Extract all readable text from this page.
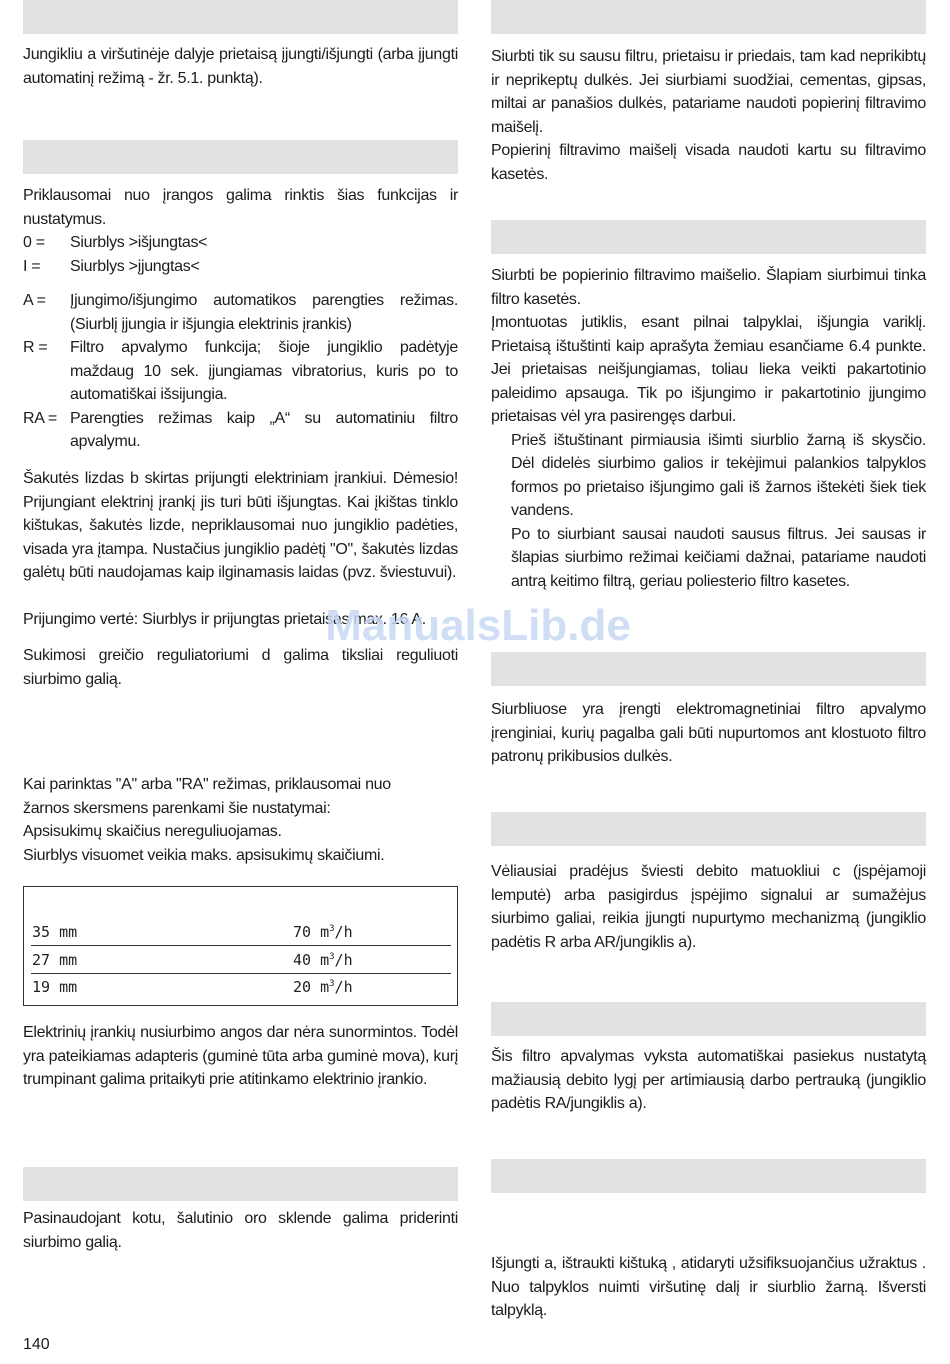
Jungikliu a viršutinėje dalyje prietaisą įjungti/išjungti (arba įjungti automatinį režimą - žr. 5.1. punktą).

Priklausomai nuo įrangos galima rinktis šias funkcijas ir nustatymus.

0 =	Siurblys >išjungtas<
I =	Siurblys >įjungtas<
A =	Įjungimo/išjungimo automatikos parengties režimas. (Siurblį įjungia ir išjungia elektrinis įrankis)
R =	Filtro apvalymo funkcija; šioje jungiklio padėtyje maždaug 10 sek. įjungiamas vibratorius, kuris po to automatiškai išsijungia.
RA = Parengties režimas kaip „A“ su automatiniu filtro apvalymu.

Šakutės lizdas b skirtas prijungti elektriniam įrankiui. Dėmesio! Prijungiant elektrinį įrankį jis turi būti išjungtas. Kai įkištas tinklo kištukas, šakutės lizde, nepriklausomai nuo jungiklio padėties, visada yra įtampa. Nustačius jungiklio padėtį "O", šakutės lizdas galėtų būti naudojamas kaip ilginamasis laidas (pvz. šviestuvui).

Prijungimo vertė: Siurblys ir prijungtas prietaisas max. 16 A.

Sukimosi greičio reguliatoriumi d galima tiksliai reguliuoti siurbimo galią.

Kai parinktas "A" arba "RA" režimas, priklausomai nuo

žarnos skersmens parenkami šie nustatymai:

Apsisukimų skaičius nereguliuojamas.

Siurblys visuomet veikia maks. apsisukimų skaičiumi.

35 mm	70 $m^3/h$
27 mm	40 $m^3/h$
19 mm	20 $m^3/h$

Elektrinių įrankių nusiurbimo angos dar nėra sunormintos. Todėl yra pateikiamas adapteris (guminė tūta arba guminė mova), kurį trumpinant galima pritaikyti prie atitinkamo elektrinio įrankio.

Pasinaudojant kotu, šalutinio oro sklende galima priderinti siurbimo galią.

Siurbti tik su sausu filtru, prietaisu ir priedais, tam kad neprikibtų ir neprikeptų dulkės. Jei siurbiami suodžiai, cementas, gipsas, miltai ar panašios dulkės, patariame naudoti popierinį filtravimo maišelį.

Popierinį filtravimo maišelį visada naudoti kartu su filtravimo kasetės.

Siurbti be popierinio filtravimo maišelio. Šlapiam siurbimui tinka filtro kasetės.

Įmontuotas jutiklis, esant pilnai talpyklai, išjungia variklį. Prietaisą ištuštinti kaip aprašyta žemiau esančiame 6.4 punkte. Jei prietaisas neišjungiamas, toliau lieka veikti pakartotinio paleidimo apsauga. Tik po išjungimo ir pakartotinio įjungimo prietaisas vėl yra pasirengęs darbui.

Prieš ištuštinant pirmiausia išimti siurblio žarną iš skysčio. Dėl didelės siurbimo galios ir tekėjimui palankios talpyklos formos po prietaiso išjungimo gali iš žarnos ištekėti šiek tiek vandens.

Po to siurbiant sausai naudoti sausus filtrus. Jei sausas ir šlapias siurbimo režimai keičiami dažnai, patariame naudoti antrą keitimo filtrą, geriau poliesterio filtro kasetes.

Siurbliuose yra įrengti elektromagnetiniai filtro apvalymo įrenginiai, kurių pagalba gali būti nupurtomos ant klostuoto filtro patronų prikibusios dulkės.

Vėliausiai pradėjus šviesti debito matuokliui c (įspėjamoji lemputė) arba pasigirdus įspėjimo signalui ar sumažėjus siurbimo galiai, reikia įjungti nupurtymo mechanizmą (jungiklio padėtis R arba AR/jungiklis a).

Šis filtro apvalymas vyksta automatiškai pasiekus nustatytą mažiausią debito lygį per artimiausią darbo pertrauką (jungiklio padėtis RA/jungiklis a).

Išjungti a, ištraukti kištuką , atidaryti užsifiksuojančius užraktus . Nuo talpyklos nuimti viršutinę dalį ir siurblio žarną. Išversti talpyklą.

ManualsLib.de
140
